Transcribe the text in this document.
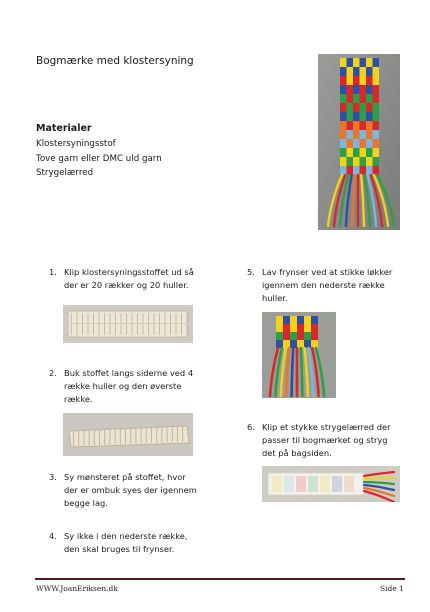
Bogmærke med klostersyning
Materialer
Klostersyningsstof
Tove garn eller DMC uld garn
Strygelærred
1. Klip klostersyningsstoffet ud så
der er 20 rækker og 20 huller.
2. Buk stoffet langs siderne ved 4
række huller og den øverste
række.
3. Sy mønsteret på stoffet, hvor
der er ombuk syes der igennem
begge lag.
4. Sy ikke i den nederste række,
den skal bruges til frynser.
5. Lav frynser ved at stikke løkker
igennem den nederste række
huller.
6. Klip et stykke strygelærred der
passer til bogmærket og stryg
det på bagsiden.
WWW.JoanEriksen.dk	Side 1
